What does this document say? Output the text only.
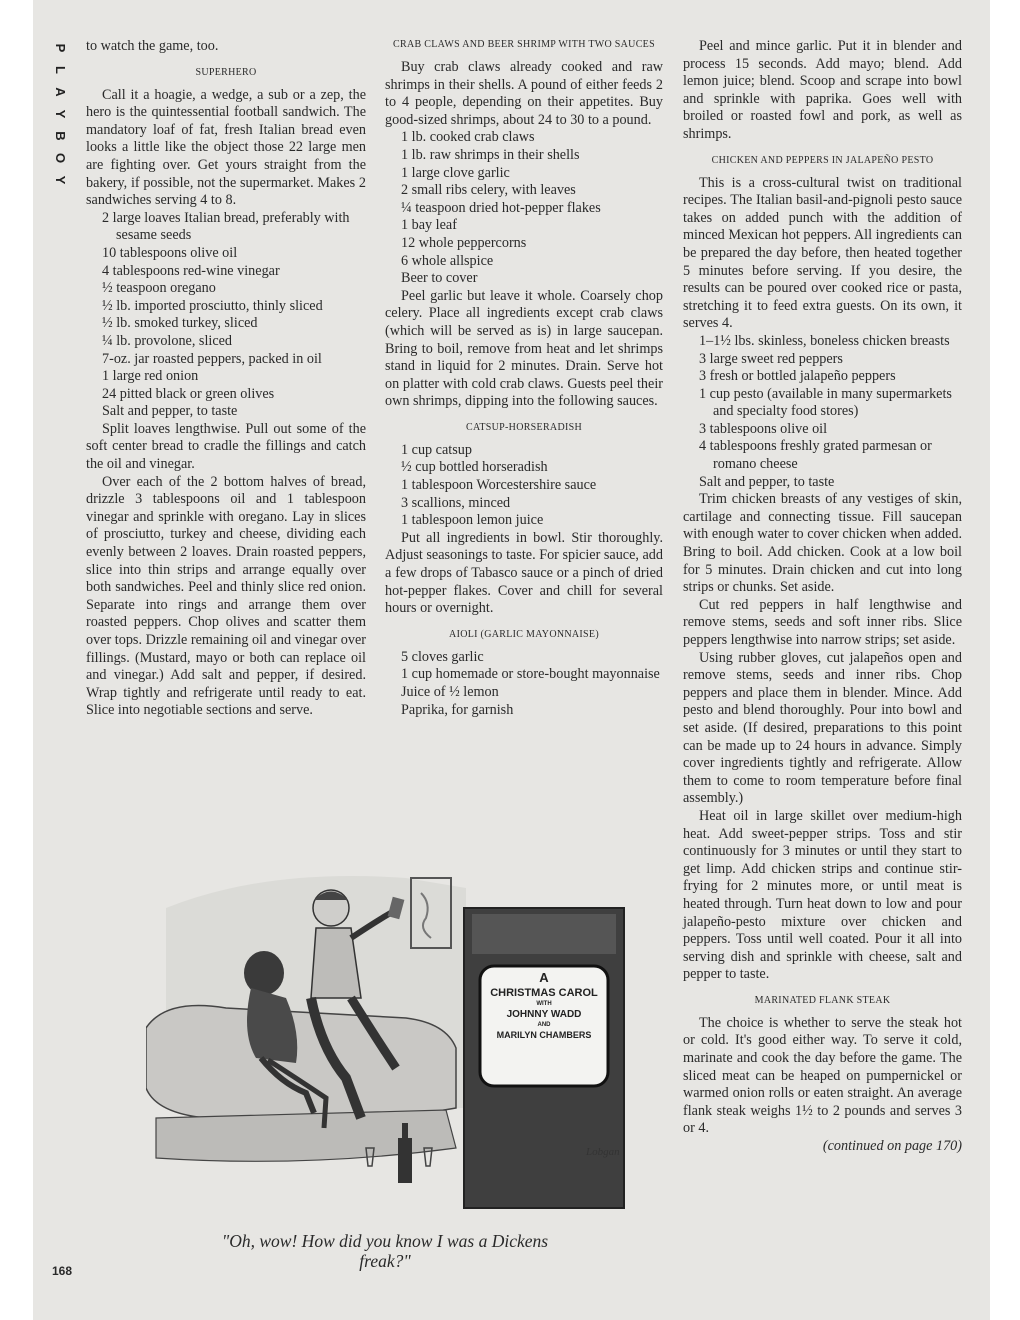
P
L
A
Y
B
O
Y

to watch the game, too.

SUPERHERO

Call it a hoagie, a wedge, a sub or a zep, the hero is the quintessential football sandwich. The mandatory loaf of fat, fresh Italian bread even looks a little like the object those 22 large men are fighting over. Get yours straight from the bakery, if possible, not the supermarket. Makes 2 sandwiches serving 4 to 8.

2 large loaves Italian bread, preferably with sesame seeds
10 tablespoons olive oil
4 tablespoons red-wine vinegar
½ teaspoon oregano
½ lb. imported prosciutto, thinly sliced
½ lb. smoked turkey, sliced
¼ lb. provolone, sliced
7-oz. jar roasted peppers, packed in oil
1 large red onion
24 pitted black or green olives
Salt and pepper, to taste

Split loaves lengthwise. Pull out some of the soft center bread to cradle the fillings and catch the oil and vinegar.

Over each of the 2 bottom halves of bread, drizzle 3 tablespoons oil and 1 tablespoon vinegar and sprinkle with oregano. Lay in slices of prosciutto, turkey and cheese, dividing each evenly between 2 loaves. Drain roasted peppers, slice into thin strips and arrange equally over both sandwiches. Peel and thinly slice red onion. Separate into rings and arrange them over roasted peppers. Chop olives and scatter them over tops. Drizzle remaining oil and vinegar over fillings. (Mustard, mayo or both can replace oil and vinegar.) Add salt and pepper, if desired. Wrap tightly and refrigerate until ready to eat. Slice into negotiable sections and serve.

CRAB CLAWS AND BEER SHRIMP WITH TWO SAUCES

Buy crab claws already cooked and raw shrimps in their shells. A pound of either feeds 2 to 4 people, depending on their appetites. Buy good-sized shrimps, about 24 to 30 to a pound.

1 lb. cooked crab claws
1 lb. raw shrimps in their shells
1 large clove garlic
2 small ribs celery, with leaves
¼ teaspoon dried hot-pepper flakes
1 bay leaf
12 whole peppercorns
6 whole allspice
Beer to cover

Peel garlic but leave it whole. Coarsely chop celery. Place all ingredients except crab claws (which will be served as is) in large saucepan. Bring to boil, remove from heat and let shrimps stand in liquid for 2 minutes. Drain. Serve hot on platter with cold crab claws. Guests peel their own shrimps, dipping into the following sauces.

CATSUP-HORSERADISH
1 cup catsup
½ cup bottled horseradish
1 tablespoon Worcestershire sauce
3 scallions, minced
1 tablespoon lemon juice

Put all ingredients in bowl. Stir thoroughly. Adjust seasonings to taste. For spicier sauce, add a few drops of Tabasco sauce or a pinch of dried hot-pepper flakes. Cover and chill for several hours or overnight.

AIOLI (GARLIC MAYONNAISE)
5 cloves garlic
1 cup homemade or store-bought mayonnaise
Juice of ½ lemon
Paprika, for garnish

Peel and mince garlic. Put it in blender and process 15 seconds. Add mayo; blend. Add lemon juice; blend. Scoop and scrape into bowl and sprinkle with paprika. Goes well with broiled or roasted fowl and pork, as well as shrimps.

CHICKEN AND PEPPERS IN JALAPEÑO PESTO

This is a cross-cultural twist on traditional recipes. The Italian basil-and-pignoli pesto sauce takes on added punch with the addition of minced Mexican hot peppers. All ingredients can be prepared the day before, then heated together 5 minutes before serving. If you desire, the results can be poured over cooked rice or pasta, stretching it to feed extra guests. On its own, it serves 4.

1–1½ lbs. skinless, boneless chicken breasts
3 large sweet red peppers
3 fresh or bottled jalapeño peppers
1 cup pesto (available in many supermarkets and specialty food stores)
3 tablespoons olive oil
4 tablespoons freshly grated parmesan or romano cheese
Salt and pepper, to taste

Trim chicken breasts of any vestiges of skin, cartilage and connecting tissue. Fill saucepan with enough water to cover chicken when added. Bring to boil. Add chicken. Cook at a low boil for 5 minutes. Drain chicken and cut into long strips or chunks. Set aside.

Cut red peppers in half lengthwise and remove stems, seeds and soft inner ribs. Slice peppers lengthwise into narrow strips; set aside.

Using rubber gloves, cut jalapeños open and remove stems, seeds and inner ribs. Chop peppers and place them in blender. Mince. Add pesto and blend thoroughly. Pour into bowl and set aside. (If desired, preparations to this point can be made up to 24 hours in advance. Simply cover ingredients tightly and refrigerate. Allow them to come to room temperature before final assembly.)

Heat oil in large skillet over medium-high heat. Add sweet-pepper strips. Toss and stir continuously for 3 minutes or until they start to get limp. Add chicken strips and continue stir-frying for 2 minutes more, or until meat is heated through. Turn heat down to low and pour jalapeño-pesto mixture over chicken and peppers. Toss until well coated. Pour it all into serving dish and sprinkle with cheese, salt and pepper to taste.

MARINATED FLANK STEAK

The choice is whether to serve the steak hot or cold. It's good either way. To serve it cold, marinate and cook the day before the game. The sliced meat can be heaped on pumpernickel or warmed onion rolls or eaten straight. An average flank steak weighs 1½ to 2 pounds and serves 3 or 4.

(continued on page 170)
A
CHRISTMAS CAROL
WITH
JOHNNY WADD
AND
MARILYN CHAMBERS
Lobgan
"Oh, wow! How did you know I was a Dickens freak?"
168
